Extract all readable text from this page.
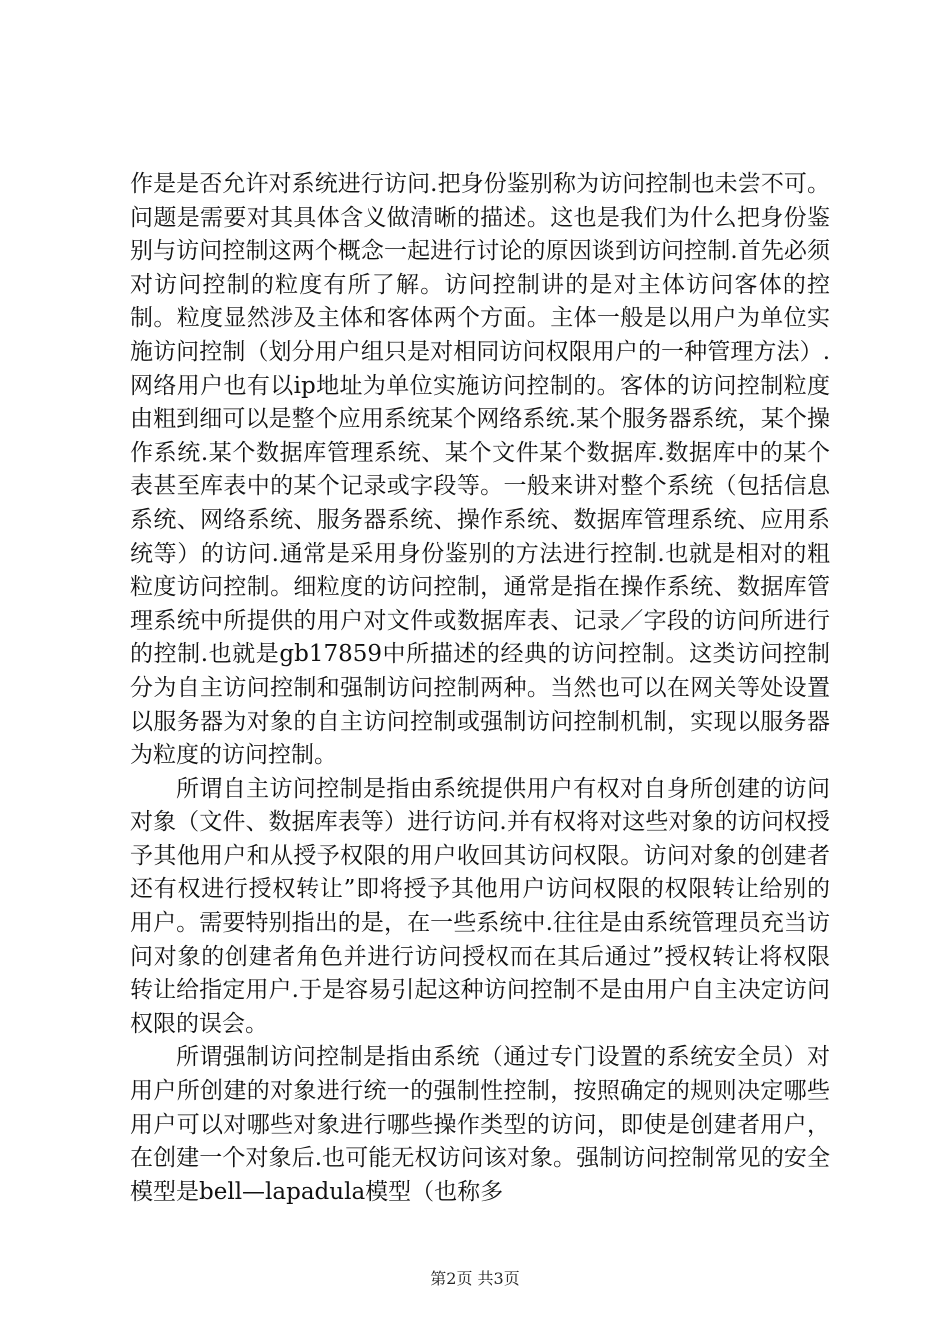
作是是否允许对系统进行访问.把身份鉴别称为访问控制也未尝不可。问题是需要对其具体含义做清晰的描述。这也是我们为什么把身份鉴别与访问控制这两个概念一起进行讨论的原因谈到访问控制.首先必须对访问控制的粒度有所了解。访问控制讲的是对主体访问客体的控制。粒度显然涉及主体和客体两个方面。主体一般是以用户为单位实施访问控制（划分用户组只是对相同访问权限用户的一种管理方法）.网络用户也有以ip地址为单位实施访问控制的。客体的访问控制粒度由粗到细可以是整个应用系统某个网络系统.某个服务器系统，某个操作系统.某个数据库管理系统、某个文件某个数据库.数据库中的某个表甚至库表中的某个记录或字段等。一般来讲对整个系统（包括信息系统、网络系统、服务器系统、操作系统、数据库管理系统、应用系统等）的访问.通常是采用身份鉴别的方法进行控制.也就是相对的粗粒度访问控制。细粒度的访问控制，通常是指在操作系统、数据库管理系统中所提供的用户对文件或数据库表、记录／字段的访问所进行的控制.也就是gb17859中所描述的经典的访问控制。这类访问控制分为自主访问控制和强制访问控制两种。当然也可以在网关等处设置以服务器为对象的自主访问控制或强制访问控制机制，实现以服务器为粒度的访问控制。

所谓自主访问控制是指由系统提供用户有权对自身所创建的访问对象（文件、数据库表等）进行访问.并有权将对这些对象的访问权授予其他用户和从授予权限的用户收回其访问权限。访问对象的创建者还有权进行授权转让”即将授予其他用户访问权限的权限转让给别的用户。需要特别指出的是，在一些系统中.往往是由系统管理员充当访问对象的创建者角色并进行访问授权而在其后通过”授权转让将权限转让给指定用户.于是容易引起这种访问控制不是由用户自主决定访问权限的误会。

所谓强制访问控制是指由系统（通过专门设置的系统安全员）对用户所创建的对象进行统一的强制性控制，按照确定的规则决定哪些用户可以对哪些对象进行哪些操作类型的访问，即使是创建者用户，在创建一个对象后.也可能无权访问该对象。强制访问控制常见的安全模型是bell—lapadula模型（也称多

第2页 共3页
